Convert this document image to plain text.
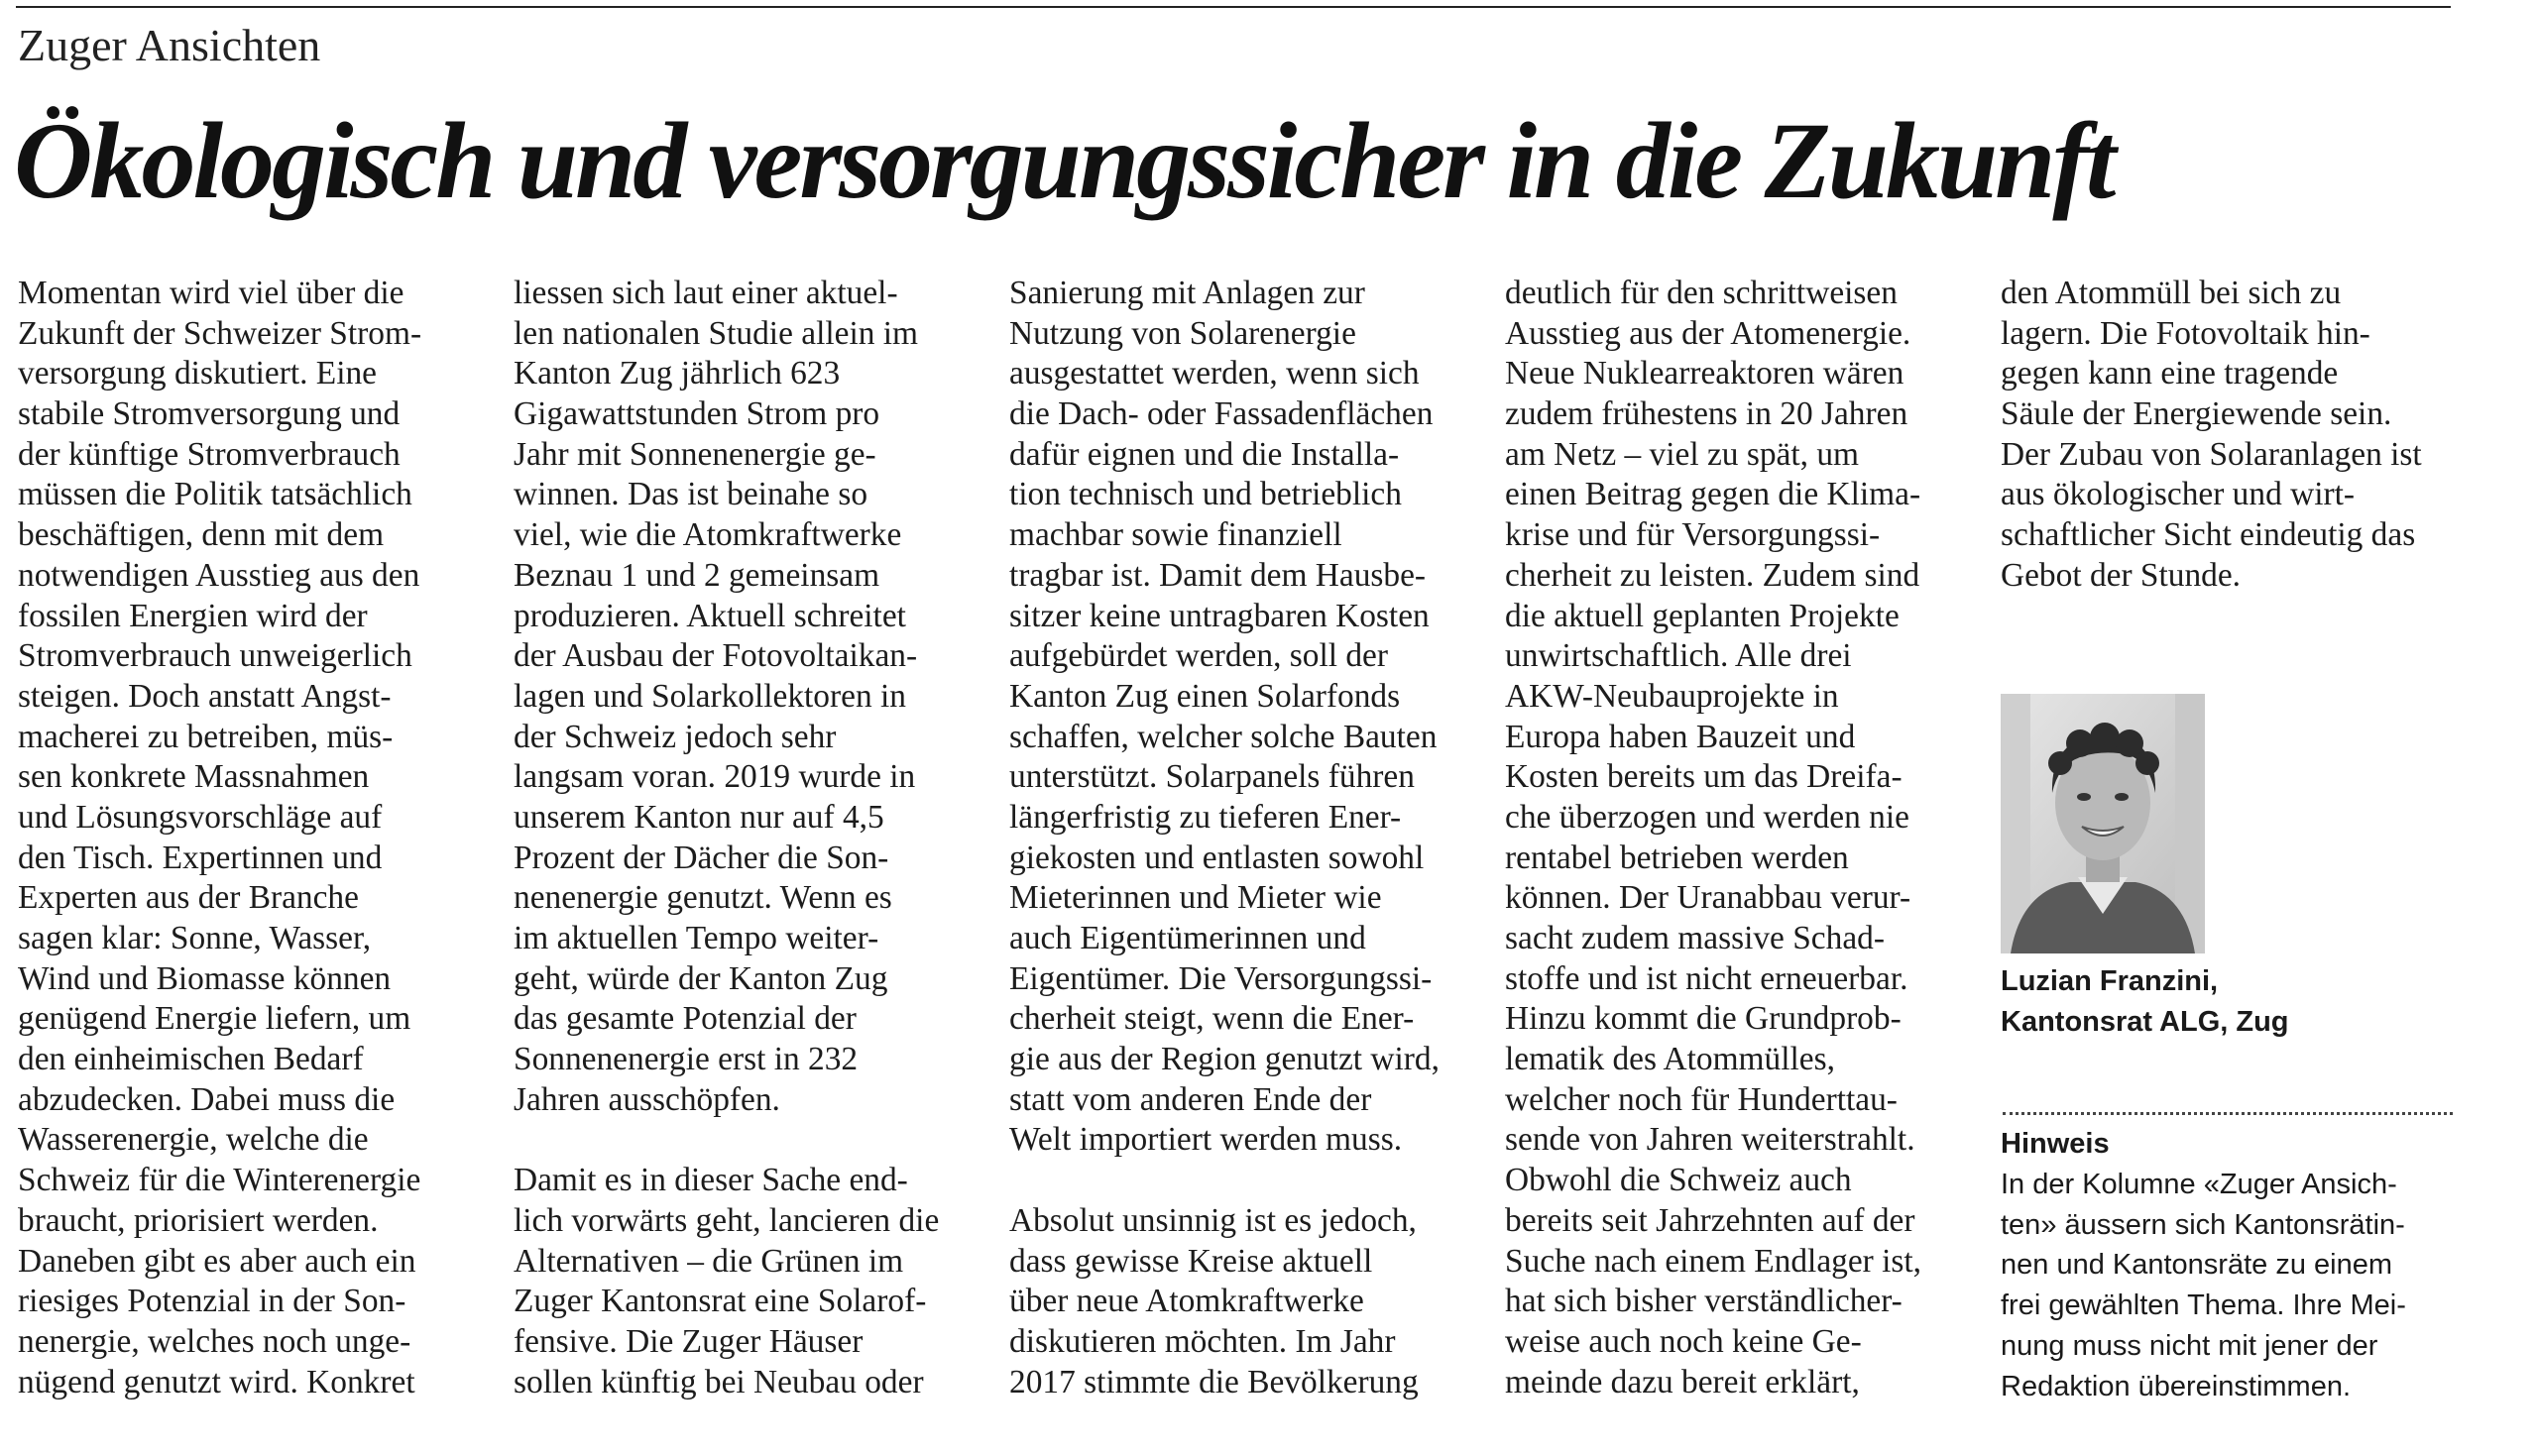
Zuger Ansichten
Ökologisch und versorgungssicher in die Zukunft
Momentan wird viel über die
Zukunft der Schweizer Strom-
versorgung diskutiert. Eine
stabile Stromversorgung und
der künftige Stromverbrauch
müssen die Politik tatsächlich
beschäftigen, denn mit dem
notwendigen Ausstieg aus den
fossilen Energien wird der
Stromverbrauch unweigerlich
steigen. Doch anstatt Angst-
macherei zu betreiben, müs-
sen konkrete Massnahmen
und Lösungsvorschläge auf
den Tisch. Expertinnen und
Experten aus der Branche
sagen klar: Sonne, Wasser,
Wind und Biomasse können
genügend Energie liefern, um
den einheimischen Bedarf
abzudecken. Dabei muss die
Wasserenergie, welche die
Schweiz für die Winterenergie
braucht, priorisiert werden.
Daneben gibt es aber auch ein
riesiges Potenzial in der Son-
nenergie, welches noch unge-
nügend genutzt wird. Konkret
liessen sich laut einer aktuel-
len nationalen Studie allein im
Kanton Zug jährlich 623
Gigawattstunden Strom pro
Jahr mit Sonnenenergie ge-
winnen. Das ist beinahe so
viel, wie die Atomkraftwerke
Beznau 1 und 2 gemeinsam
produzieren. Aktuell schreitet
der Ausbau der Fotovoltaikan-
lagen und Solarkollektoren in
der Schweiz jedoch sehr
langsam voran. 2019 wurde in
unserem Kanton nur auf 4,5
Prozent der Dächer die Son-
nenenergie genutzt. Wenn es
im aktuellen Tempo weiter-
geht, würde der Kanton Zug
das gesamte Potenzial der
Sonnenenergie erst in 232
Jahren ausschöpfen.
Damit es in dieser Sache end-
lich vorwärts geht, lancieren die
Alternativen – die Grünen im
Zuger Kantonsrat eine Solarof-
fensive. Die Zuger Häuser
sollen künftig bei Neubau oder
Sanierung mit Anlagen zur
Nutzung von Solarenergie
ausgestattet werden, wenn sich
die Dach- oder Fassadenflächen
dafür eignen und die Installa-
tion technisch und betrieblich
machbar sowie finanziell
tragbar ist. Damit dem Hausbe-
sitzer keine untragbaren Kosten
aufgebürdet werden, soll der
Kanton Zug einen Solarfonds
schaffen, welcher solche Bauten
unterstützt. Solarpanels führen
längerfristig zu tieferen Ener-
giekosten und entlasten sowohl
Mieterinnen und Mieter wie
auch Eigentümerinnen und
Eigentümer. Die Versorgungssi-
cherheit steigt, wenn die Ener-
gie aus der Region genutzt wird,
statt vom anderen Ende der
Welt importiert werden muss.
Absolut unsinnig ist es jedoch,
dass gewisse Kreise aktuell
über neue Atomkraftwerke
diskutieren möchten. Im Jahr
2017 stimmte die Bevölkerung
deutlich für den schrittweisen
Ausstieg aus der Atomenergie.
Neue Nuklearreaktoren wären
zudem frühestens in 20 Jahren
am Netz – viel zu spät, um
einen Beitrag gegen die Klima-
krise und für Versorgungssi-
cherheit zu leisten. Zudem sind
die aktuell geplanten Projekte
unwirtschaftlich. Alle drei
AKW-Neubauprojekte in
Europa haben Bauzeit und
Kosten bereits um das Dreifa-
che überzogen und werden nie
rentabel betrieben werden
können. Der Uranabbau verur-
sacht zudem massive Schad-
stoffe und ist nicht erneuerbar.
Hinzu kommt die Grundprob-
lematik des Atommülles,
welcher noch für Hunderttau-
sende von Jahren weiterstrahlt.
Obwohl die Schweiz auch
bereits seit Jahrzehnten auf der
Suche nach einem Endlager ist,
hat sich bisher verständlicher-
weise auch noch keine Ge-
meinde dazu bereit erklärt,
den Atommüll bei sich zu
lagern. Die Fotovoltaik hin-
gegen kann eine tragende
Säule der Energiewende sein.
Der Zubau von Solaranlagen ist
aus ökologischer und wirt-
schaftlicher Sicht eindeutig das
Gebot der Stunde.
Luzian Franzini,
Kantonsrat ALG, Zug
Hinweis
In der Kolumne «Zuger Ansich-
ten» äussern sich Kantonsrätin-
nen und Kantonsräte zu einem
frei gewählten Thema. Ihre Mei-
nung muss nicht mit jener der
Redaktion übereinstimmen.
